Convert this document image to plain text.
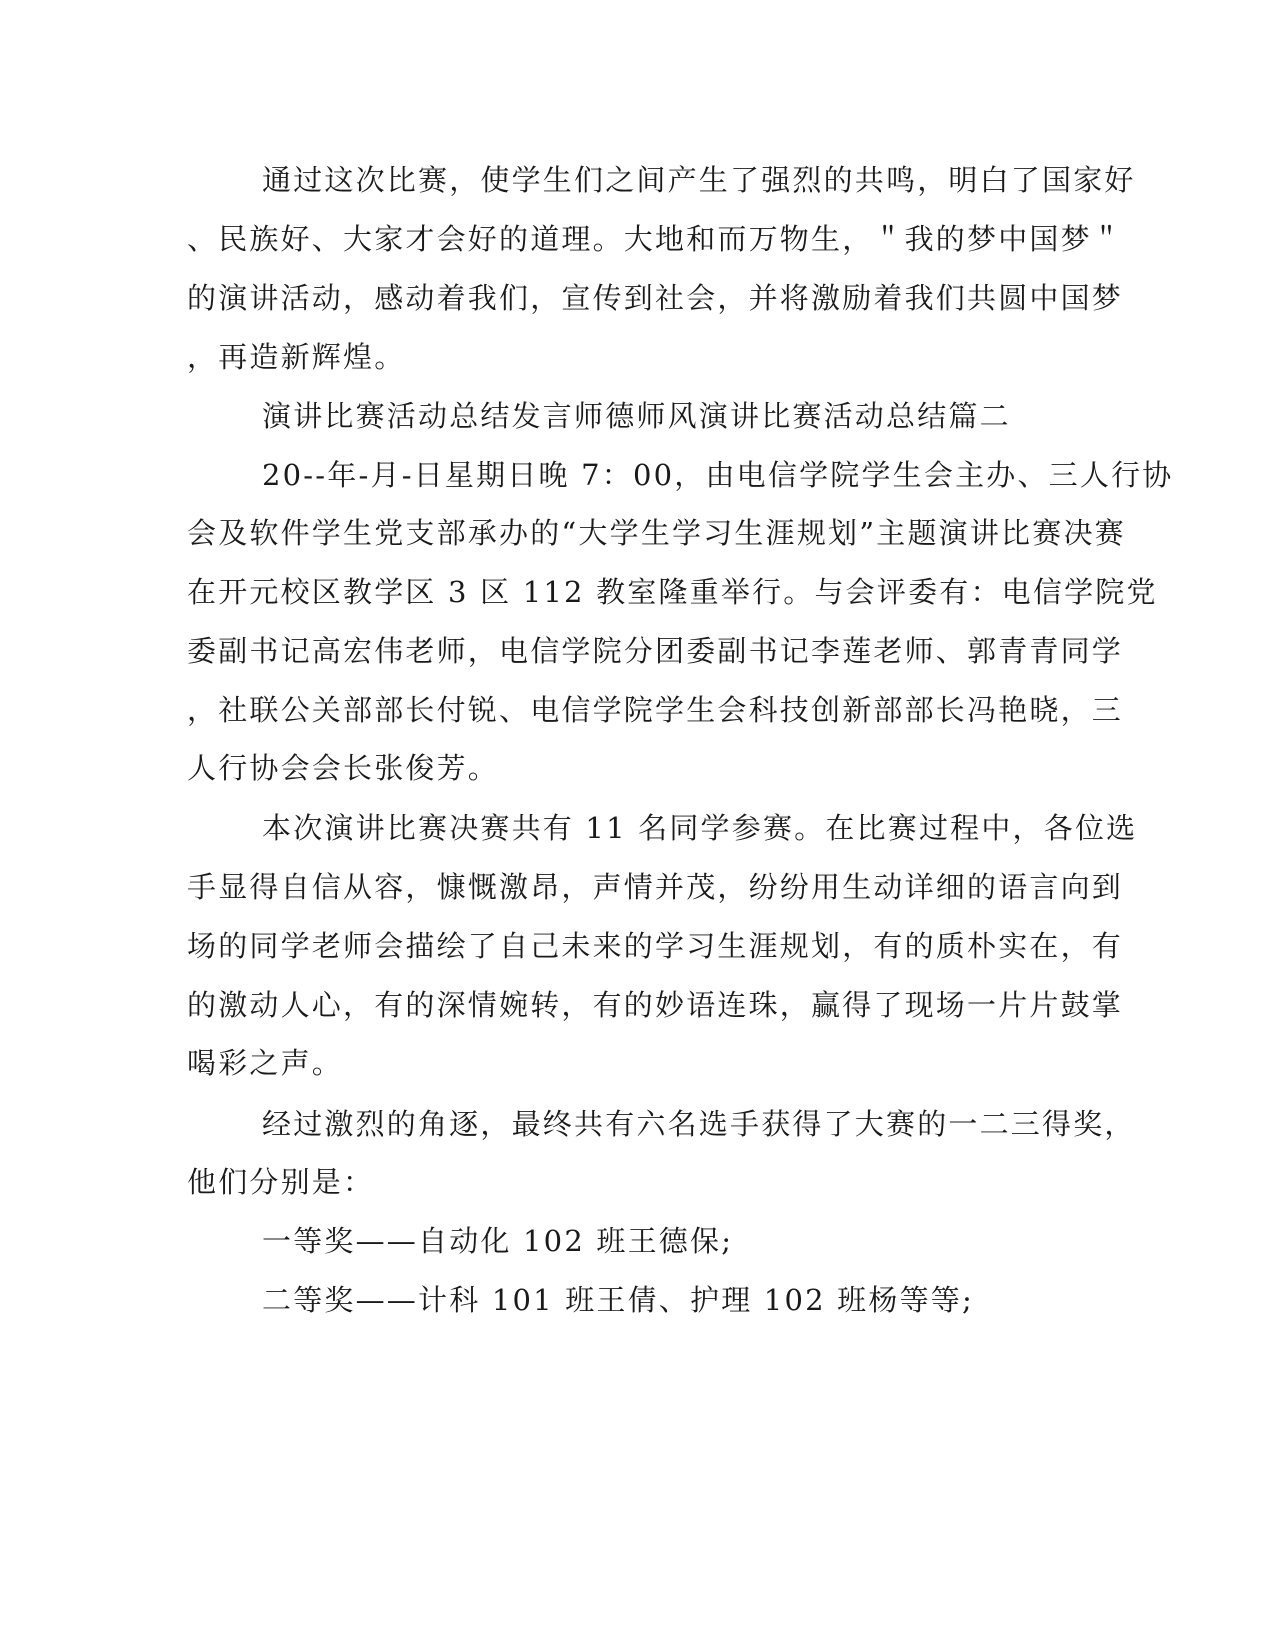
通过这次比赛，使学生们之间产生了强烈的共鸣，明白了国家好
、民族好、大家才会好的道理。大地和而万物生，＂我的梦中国梦＂
的演讲活动，感动着我们，宣传到社会，并将激励着我们共圆中国梦
，再造新辉煌。
演讲比赛活动总结发言师德师风演讲比赛活动总结篇二
20--年-月-日星期日晚 7：00，由电信学院学生会主办、三人行协
会及软件学生党支部承办的“大学生学习生涯规划”主题演讲比赛决赛
在开元校区教学区 3 区 112 教室隆重举行。与会评委有：电信学院党
委副书记高宏伟老师，电信学院分团委副书记李莲老师、郭青青同学
，社联公关部部长付锐、电信学院学生会科技创新部部长冯艳晓，三
人行协会会长张俊芳。
本次演讲比赛决赛共有 11 名同学参赛。在比赛过程中，各位选
手显得自信从容，慷慨激昂，声情并茂，纷纷用生动详细的语言向到
场的同学老师会描绘了自己未来的学习生涯规划，有的质朴实在，有
的激动人心，有的深情婉转，有的妙语连珠，赢得了现场一片片鼓掌
喝彩之声。
经过激烈的角逐，最终共有六名选手获得了大赛的一二三得奖，
他们分别是：
一等奖——自动化 102 班王德保;
二等奖——计科 101 班王倩、护理 102 班杨等等;
